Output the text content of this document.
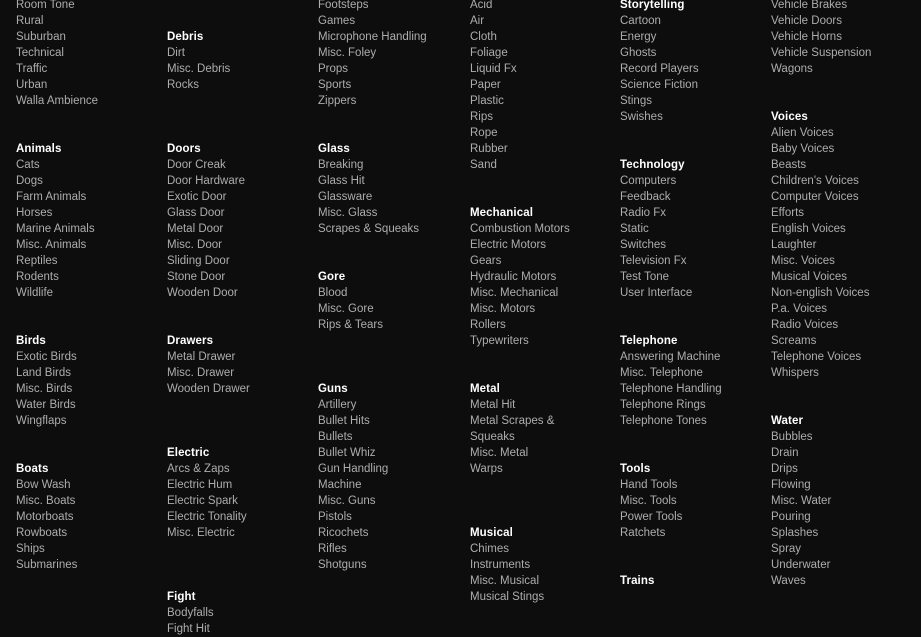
Room Tone
Rural
Suburban
Technical
Traffic
Urban
Walla Ambience
Animals
Cats
Dogs
Farm Animals
Horses
Marine Animals
Misc. Animals
Reptiles
Rodents
Wildlife
Birds
Exotic Birds
Land Birds
Misc. Birds
Water Birds
Wingflaps
Boats
Bow Wash
Misc. Boats
Motorboats
Rowboats
Ships
Submarines
Debris
Dirt
Misc. Debris
Rocks
Doors
Door Creak
Door Hardware
Exotic Door
Glass Door
Metal Door
Misc. Door
Sliding Door
Stone Door
Wooden Door
Drawers
Metal Drawer
Misc. Drawer
Wooden Drawer
Electric
Arcs & Zaps
Electric Hum
Electric Spark
Electric Tonality
Misc. Electric
Fight
Bodyfalls
Fight Hit
Footsteps
Games
Microphone Handling
Misc. Foley
Props
Sports
Zippers
Glass
Breaking
Glass Hit
Glassware
Misc. Glass
Scrapes & Squeaks
Gore
Blood
Misc. Gore
Rips & Tears
Guns
Artillery
Bullet Hits
Bullets
Bullet Whiz
Gun Handling
Machine
Misc. Guns
Pistols
Ricochets
Rifles
Shotguns
Acid
Air
Cloth
Foliage
Liquid Fx
Paper
Plastic
Rips
Rope
Rubber
Sand
Mechanical
Combustion Motors
Electric Motors
Gears
Hydraulic Motors
Misc. Mechanical
Misc. Motors
Rollers
Typewriters
Metal
Metal Hit
Metal Scrapes &
Squeaks
Misc. Metal
Warps
Musical
Chimes
Instruments
Misc. Musical
Musical Stings
Storytelling
Cartoon
Energy
Ghosts
Record Players
Science Fiction
Stings
Swishes
Technology
Computers
Feedback
Radio Fx
Static
Switches
Television Fx
Test Tone
User Interface
Telephone
Answering Machine
Misc. Telephone
Telephone Handling
Telephone Rings
Telephone Tones
Tools
Hand Tools
Misc. Tools
Power Tools
Ratchets
Trains
Vehicle Brakes
Vehicle Doors
Vehicle Horns
Vehicle Suspension
Wagons
Voices
Alien Voices
Baby Voices
Beasts
Children's Voices
Computer Voices
Efforts
English Voices
Laughter
Misc. Voices
Musical Voices
Non-english Voices
P.a. Voices
Radio Voices
Screams
Telephone Voices
Whispers
Water
Bubbles
Drain
Drips
Flowing
Misc. Water
Pouring
Splashes
Spray
Underwater
Waves
